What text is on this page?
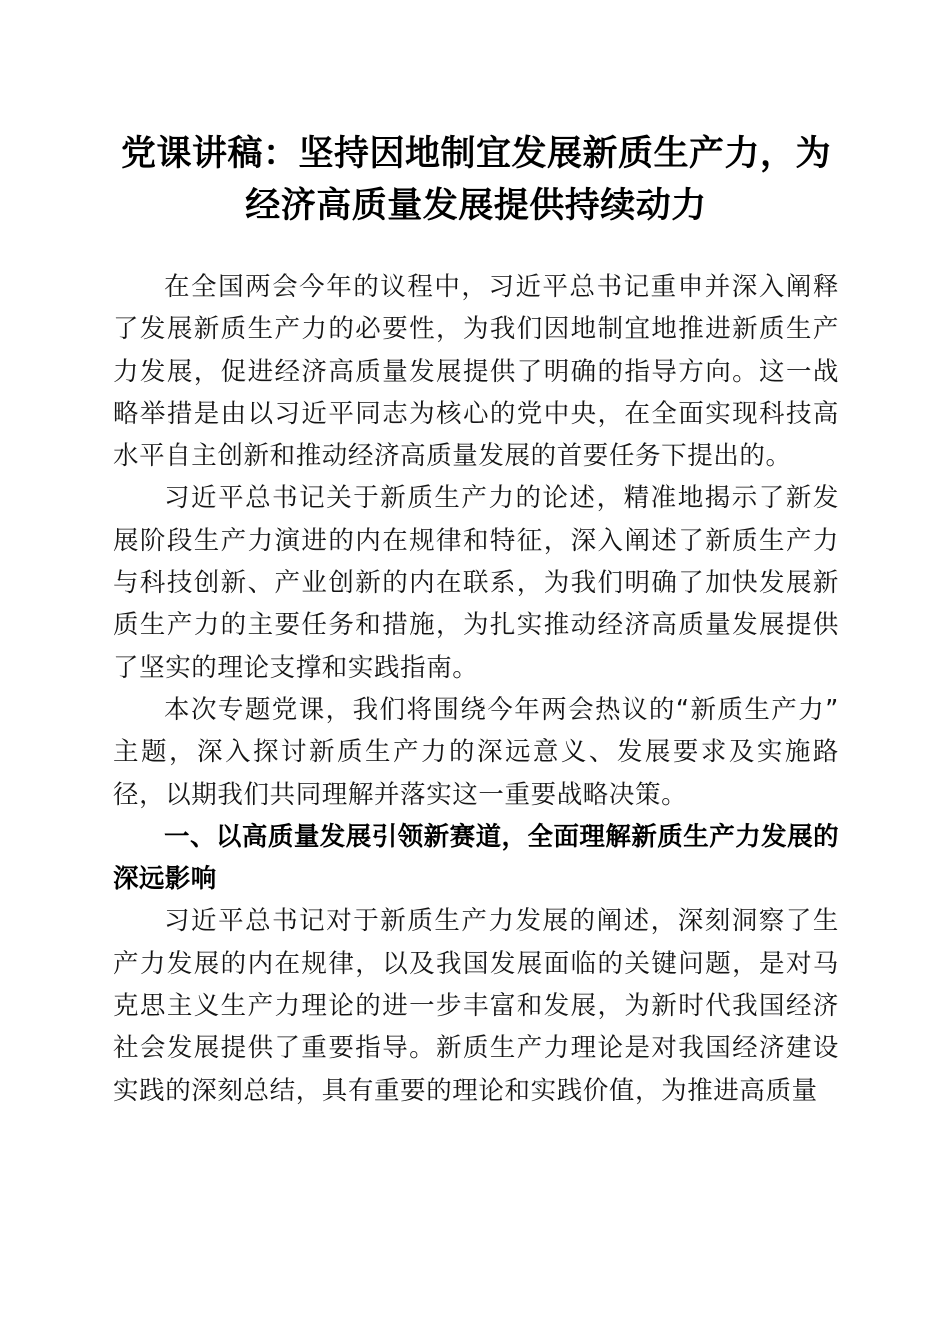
党课讲稿：坚持因地制宜发展新质生产力，为经济高质量发展提供持续动力

在全国两会今年的议程中，习近平总书记重申并深入阐释了发展新质生产力的必要性，为我们因地制宜地推进新质生产力发展，促进经济高质量发展提供了明确的指导方向。这一战略举措是由以习近平同志为核心的党中央，在全面实现科技高水平自主创新和推动经济高质量发展的首要任务下提出的。

习近平总书记关于新质生产力的论述，精准地揭示了新发展阶段生产力演进的内在规律和特征，深入阐述了新质生产力与科技创新、产业创新的内在联系，为我们明确了加快发展新质生产力的主要任务和措施，为扎实推动经济高质量发展提供了坚实的理论支撑和实践指南。

本次专题党课，我们将围绕今年两会热议的“新质生产力”主题，深入探讨新质生产力的深远意义、发展要求及实施路径，以期我们共同理解并落实这一重要战略决策。

一、以高质量发展引领新赛道，全面理解新质生产力发展的深远影响

习近平总书记对于新质生产力发展的阐述，深刻洞察了生产力发展的内在规律，以及我国发展面临的关键问题，是对马克思主义生产力理论的进一步丰富和发展，为新时代我国经济社会发展提供了重要指导。新质生产力理论是对我国经济建设实践的深刻总结，具有重要的理论和实践价值，为推进高质量
